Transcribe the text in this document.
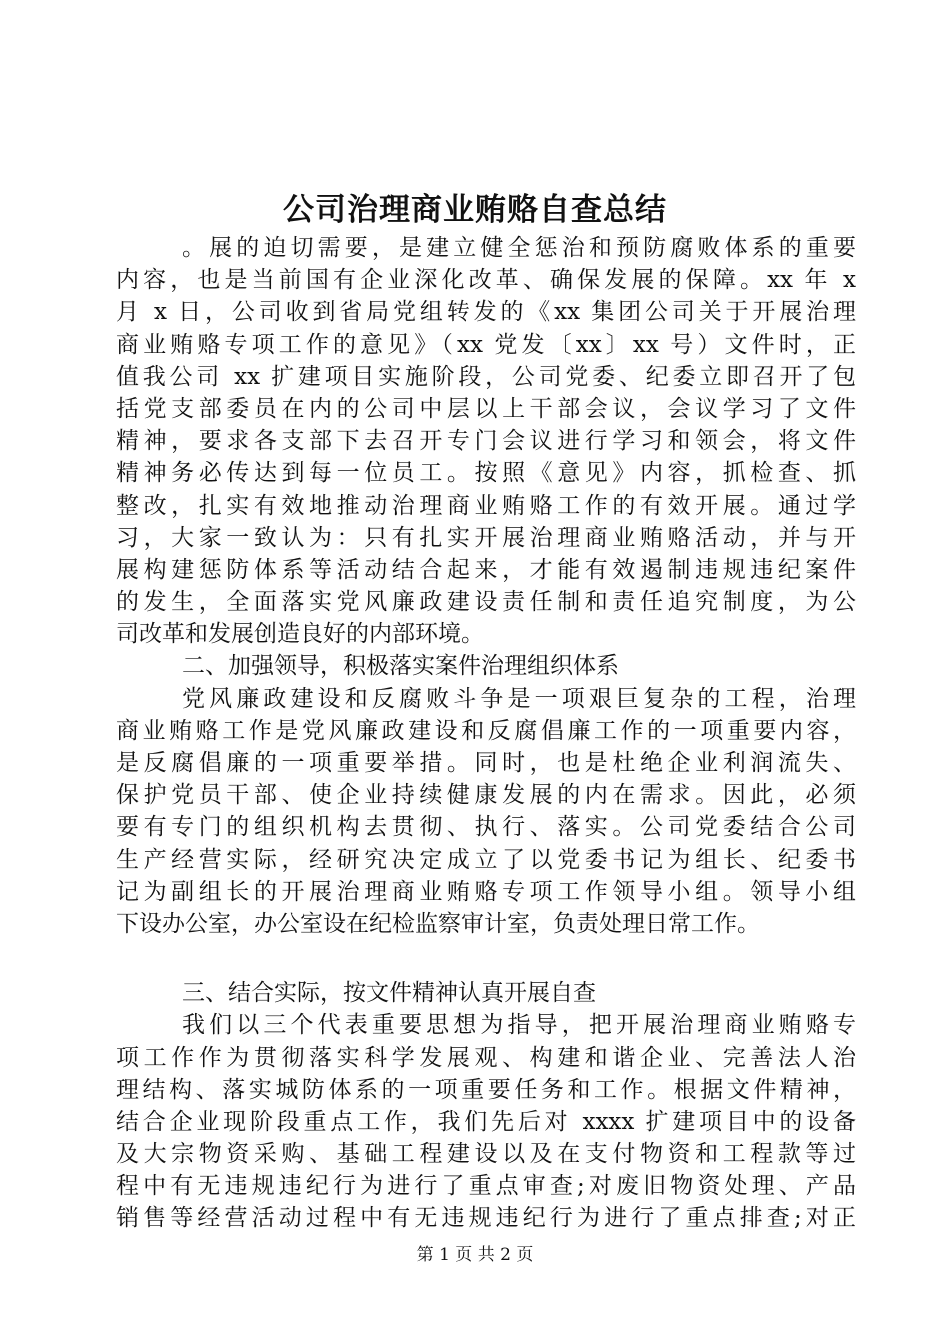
公司治理商业贿赂自查总结
。展的迫切需要，是建立健全惩治和预防腐败体系的重要
内容，也是当前国有企业深化改革、确保发展的保障。xx 年 x
月 x 日，公司收到省局党组转发的《xx 集团公司关于开展治理
商业贿赂专项工作的意见》（xx 党发〔xx〕xx 号）文件时，正
值我公司 xx 扩建项目实施阶段，公司党委、纪委立即召开了包
括党支部委员在内的公司中层以上干部会议，会议学习了文件
精神，要求各支部下去召开专门会议进行学习和领会，将文件
精神务必传达到每一位员工。按照《意见》内容，抓检查、抓
整改，扎实有效地推动治理商业贿赂工作的有效开展。通过学
习，大家一致认为：只有扎实开展治理商业贿赂活动，并与开
展构建惩防体系等活动结合起来，才能有效遏制违规违纪案件
的发生，全面落实党风廉政建设责任制和责任追究制度，为公
司改革和发展创造良好的内部环境。
二、加强领导，积极落实案件治理组织体系
党风廉政建设和反腐败斗争是一项艰巨复杂的工程，治理
商业贿赂工作是党风廉政建设和反腐倡廉工作的一项重要内容，
是反腐倡廉的一项重要举措。同时，也是杜绝企业利润流失、
保护党员干部、使企业持续健康发展的内在需求。因此，必须
要有专门的组织机构去贯彻、执行、落实。公司党委结合公司
生产经营实际，经研究决定成立了以党委书记为组长、纪委书
记为副组长的开展治理商业贿赂专项工作领导小组。领导小组
下设办公室，办公室设在纪检监察审计室，负责处理日常工作。
三、结合实际，按文件精神认真开展自查
我们以三个代表重要思想为指导，把开展治理商业贿赂专
项工作作为贯彻落实科学发展观、构建和谐企业、完善法人治
理结构、落实城防体系的一项重要任务和工作。根据文件精神，
结合企业现阶段重点工作，我们先后对 xxxx 扩建项目中的设备
及大宗物资采购、基础工程建设以及在支付物资和工程款等过
程中有无违规违纪行为进行了重点审查;对废旧物资处理、产品
销售等经营活动过程中有无违规违纪行为进行了重点排查;对正
第 1 页 共 2 页
